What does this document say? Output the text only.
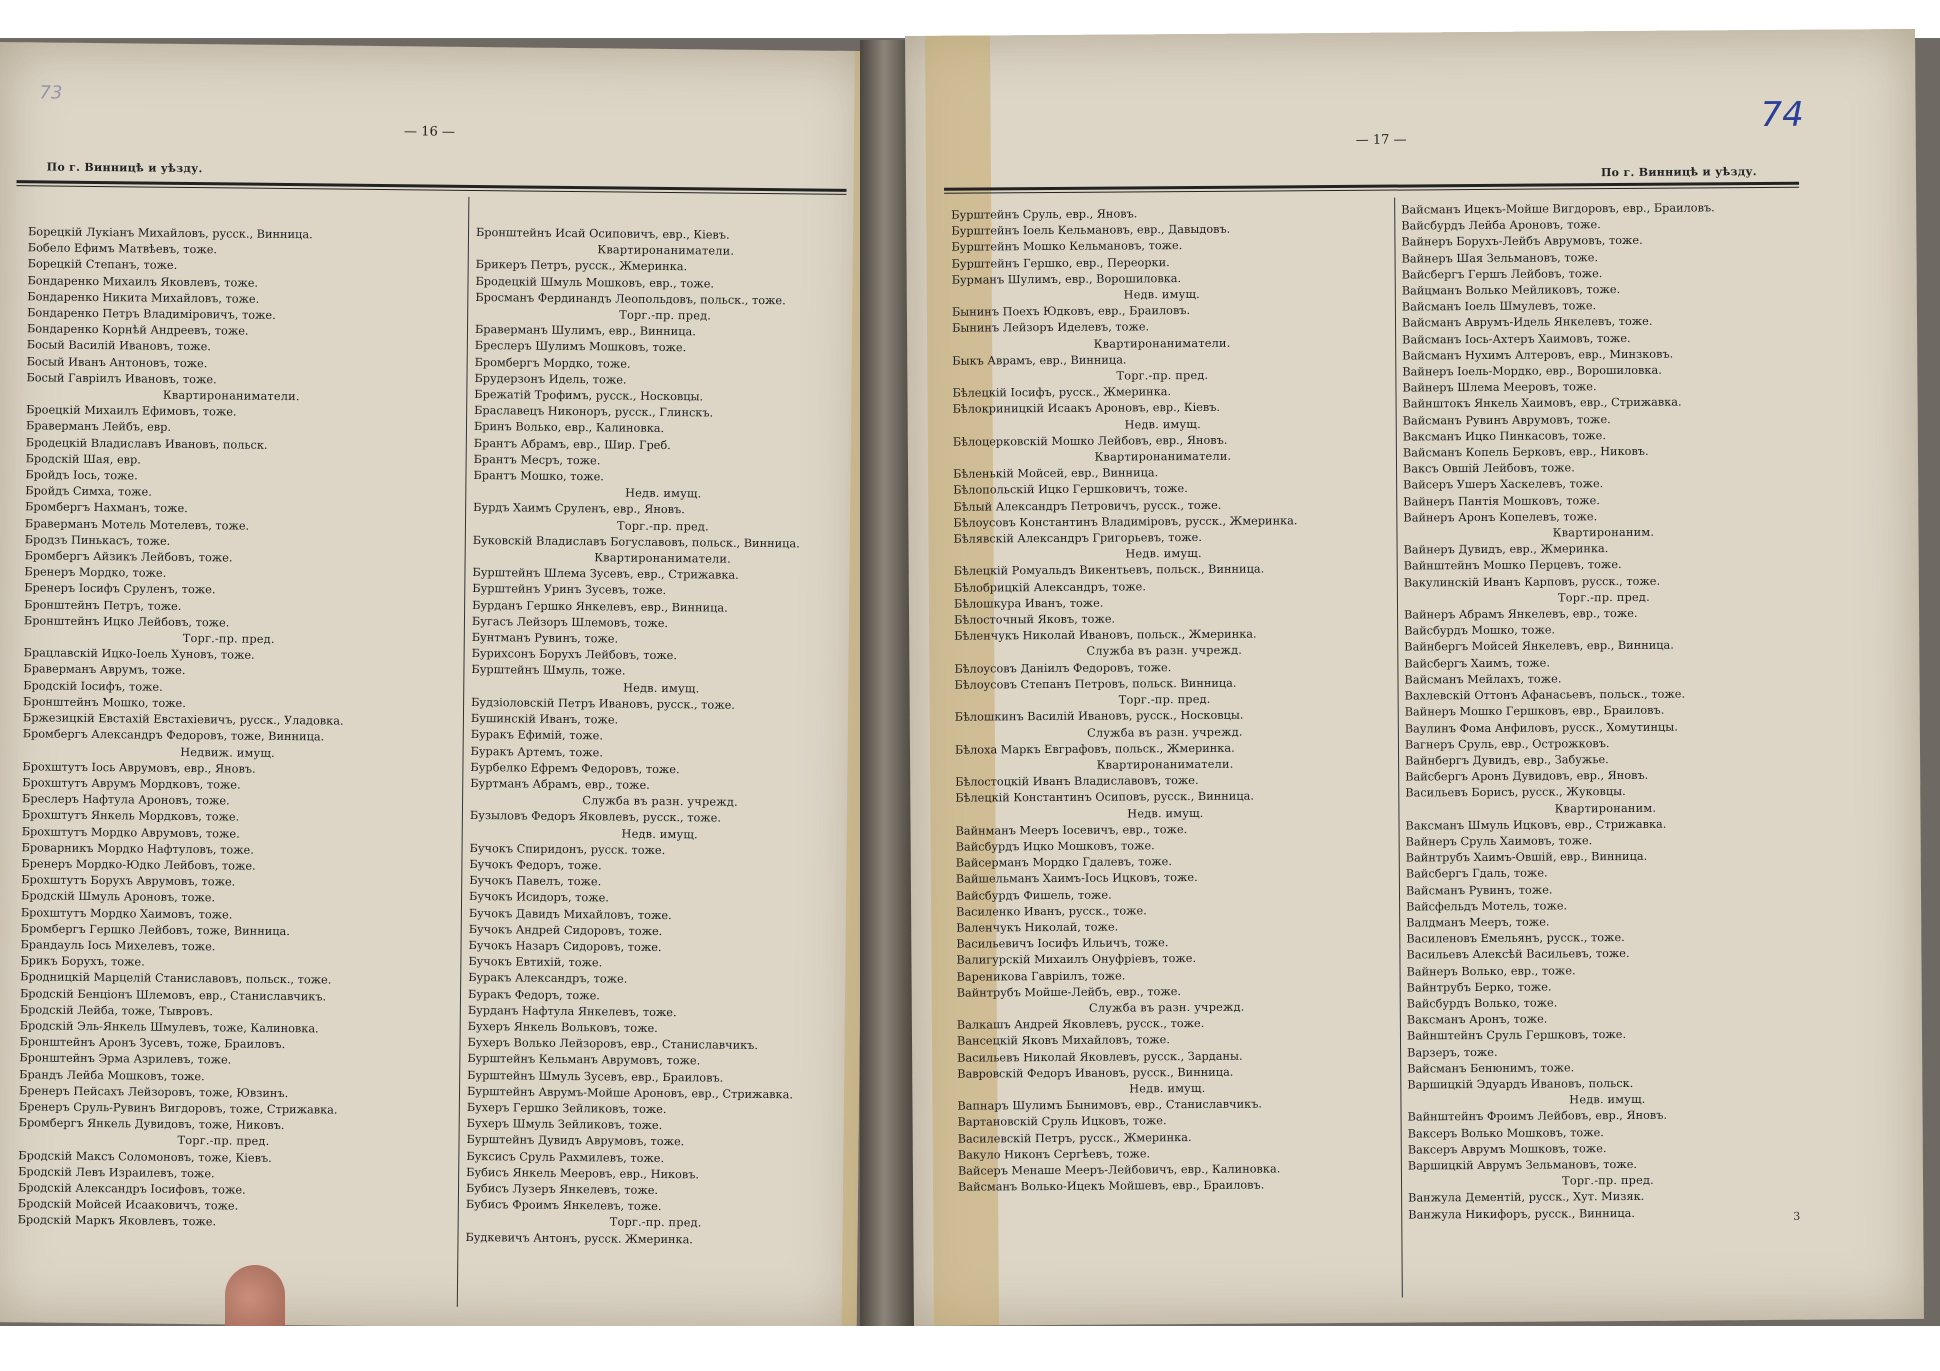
73
— 16 —
По г. Винницѣ и уѣзду.
Борецкій Лукіанъ Михайловъ, русск., Винница.
Бобело Ефимъ Матвѣевъ, тоже.
Борецкій Степанъ, тоже.
Бондаренко Михаилъ Яковлевъ, тоже.
Бондаренко Никита Михайловъ, тоже.
Бондаренко Петръ Владиміровичъ, тоже.
Бондаренко Корнѣй Андреевъ, тоже.
Босый Василій Ивановъ, тоже.
Босый Иванъ Антоновъ, тоже.
Босый Гавріилъ Ивановъ, тоже.
Квартиронаниматели.
Броецкій Михаилъ Ефимовъ, тоже.
Браверманъ Лейбъ, евр.
Бродецкій Владиславъ Ивановъ, польск.
Бродскій Шая, евр.
Бройдъ Іось, тоже.
Бройдъ Симха, тоже.
Бромбергъ Нахманъ, тоже.
Браверманъ Мотель Мотелевъ, тоже.
Бродзъ Пинькасъ, тоже.
Бромбергъ Айзикъ Лейбовъ, тоже.
Бренеръ Мордко, тоже.
Бренеръ Іосифъ Сруленъ, тоже.
Бронштейнъ Петръ, тоже.
Бронштейнъ Ицко Лейбовъ, тоже.
Торг.-пр. пред.
Брацлавскій Ицко-Іоель Хуновъ, тоже.
Браверманъ Аврумъ, тоже.
Бродскій Іосифъ, тоже.
Бронштейнъ Мошко, тоже.
Бржезицкій Евстахій Евстахіевичъ, русск., Уладовка.
Бромбергъ Александръ Федоровъ, тоже, Винница.
Недвиж. имущ.
Брохштутъ Іось Аврумовъ, евр., Яновъ.
Брохштутъ Аврумъ Мордковъ, тоже.
Бреслеръ Нафтула Ароновъ, тоже.
Брохштутъ Янкель Мордковъ, тоже.
Брохштутъ Мордко Аврумовъ, тоже.
Броварникъ Мордко Нафтуловъ, тоже.
Бренеръ Мордко-Юдко Лейбовъ, тоже.
Брохштутъ Борухъ Аврумовъ, тоже.
Бродскій Шмуль Ароновъ, тоже.
Брохштутъ Мордко Хаимовъ, тоже.
Бромбергъ Гершко Лейбовъ, тоже, Винница.
Брандауль Іось Михелевъ, тоже.
Брикъ Борухъ, тоже.
Бродницкій Марцелій Станиславовъ, польск., тоже.
Бродскій Бенціонъ Шлемовъ, евр., Станиславчикъ.
Бродскій Лейба, тоже, Тывровъ.
Бродскій Эль-Янкель Шмулевъ, тоже, Калиновка.
Бронштейнъ Аронъ Зусевъ, тоже, Браиловъ.
Бронштейнъ Эрма Азрилевъ, тоже.
Брандъ Лейба Мошковъ, тоже.
Бренеръ Пейсахъ Лейзоровъ, тоже, Ювзинъ.
Бренеръ Сруль-Рувинъ Вигдоровъ, тоже, Стрижавка.
Бромбергъ Янкель Дувидовъ, тоже, Никовъ.
Торг.-пр. пред.
Бродскій Максъ Соломоновъ, тоже, Кіевъ.
Бродскій Левъ Израилевъ, тоже.
Бродскій Александръ Іосифовъ, тоже.
Бродскій Мойсей Исааковичъ, тоже.
Бродскій Маркъ Яковлевъ, тоже.
Бронштейнъ Исай Осиповичъ, евр., Кіевъ.
Квартиронаниматели.
Брикеръ Петръ, русск., Жмеринка.
Бродецкій Шмуль Мошковъ, евр., тоже.
Бросманъ Фердинандъ Леопольдовъ, польск., тоже.
Торг.-пр. пред.
Браверманъ Шулимъ, евр., Винница.
Бреслеръ Шулимъ Мошковъ, тоже.
Бромбергъ Мордко, тоже.
Брудерзонъ Идель, тоже.
Брежатій Трофимъ, русск., Носковцы.
Браславецъ Никоноръ, русск., Глинскъ.
Бринъ Волько, евр., Калиновка.
Брантъ Абрамъ, евр., Шир. Греб.
Брантъ Месръ, тоже.
Брантъ Мошко, тоже.
Недв. имущ.
Бурдъ Хаимъ Сруленъ, евр., Яновъ.
Торг.-пр. пред.
Буковскій Владиславъ Богуславовъ, польск., Винница.
Квартиронаниматели.
Бурштейнъ Шлема Зусевъ, евр., Стрижавка.
Бурштейнъ Уринъ Зусевъ, тоже.
Бурданъ Гершко Янкелевъ, евр., Винница.
Бугасъ Лейзоръ Шлемовъ, тоже.
Бунтманъ Рувинъ, тоже.
Бурихсонъ Борухъ Лейбовъ, тоже.
Бурштейнъ Шмуль, тоже.
Недв. имущ.
Будзіоловскій Петръ Ивановъ, русск., тоже.
Бушинскій Иванъ, тоже.
Буракъ Ефимій, тоже.
Буракъ Артемъ, тоже.
Бурбелко Ефремъ Федоровъ, тоже.
Буртманъ Абрамъ, евр., тоже.
Служба въ разн. учрежд.
Бузыловъ Федоръ Яковлевъ, русск., тоже.
Недв. имущ.
Бучокъ Спиридонъ, русск. тоже.
Бучокъ Федоръ, тоже.
Бучокъ Павелъ, тоже.
Бучокъ Исидоръ, тоже.
Бучокъ Давидъ Михайловъ, тоже.
Бучокъ Андрей Сидоровъ, тоже.
Бучокъ Назаръ Сидоровъ, тоже.
Бучокъ Евтихій, тоже.
Буракъ Александръ, тоже.
Буракъ Федоръ, тоже.
Бурданъ Нафтула Янкелевъ, тоже.
Бухеръ Янкель Вольковъ, тоже.
Бухеръ Волько Лейзоровъ, евр., Станиславчикъ.
Бурштейнъ Кельманъ Аврумовъ, тоже.
Бурштейнъ Шмуль Зусевъ, евр., Браиловъ.
Бурштейнъ Аврумъ-Мойше Ароновъ, евр., Стрижавка.
Бухеръ Гершко Зейликовъ, тоже.
Бухеръ Шмуль Зейликовъ, тоже.
Бурштейнъ Дувидъ Аврумовъ, тоже.
Буксисъ Сруль Рахмилевъ, тоже.
Бубисъ Янкель Мееровъ, евр., Никовъ.
Бубисъ Лузеръ Янкелевъ, тоже.
Бубисъ Фроимъ Янкелевъ, тоже.
Торг.-пр. пред.
Будкевичъ Антонъ, русск. Жмеринка.
74
— 17 —
По г. Винницѣ и уѣзду.
Бурштейнъ Сруль, евр., Яновъ.
Бурштейнъ Іоель Кельмановъ, евр., Давыдовъ.
Бурштейнъ Мошко Кельмановъ, тоже.
Бурштейнъ Гершко, евр., Переорки.
Бурманъ Шулимъ, евр., Ворошиловка.
Недв. имущ.
Бынинъ Поехъ Юдковъ, евр., Браиловъ.
Бынинъ Лейзоръ Иделевъ, тоже.
Квартиронаниматели.
Быкъ Аврамъ, евр., Винница.
Торг.-пр. пред.
Бѣлецкій Іосифъ, русск., Жмеринка.
Бѣлокриницкій Исаакъ Ароновъ, евр., Кіевъ.
Недв. имущ.
Бѣлоцерковскій Мошко Лейбовъ, евр., Яновъ.
Квартиронаниматели.
Бѣленькій Мойсей, евр., Винница.
Бѣлопольскій Ицко Гершковичъ, тоже.
Бѣлый Александръ Петровичъ, русск., тоже.
Бѣлоусовъ Константинъ Владиміровъ, русск., Жмеринка.
Бѣлявскій Александръ Григорьевъ, тоже.
Недв. имущ.
Бѣлецкій Ромуальдъ Викентьевъ, польск., Винница.
Бѣлобрицкій Александръ, тоже.
Бѣлошкура Иванъ, тоже.
Бѣлосточный Яковъ, тоже.
Бѣленчукъ Николай Ивановъ, польск., Жмеринка.
Служба въ разн. учрежд.
Бѣлоусовъ Даніилъ Федоровъ, тоже.
Бѣлоусовъ Степанъ Петровъ, польск. Винница.
Торг.-пр. пред.
Бѣлошкинъ Василій Ивановъ, русск., Носковцы.
Служба въ разн. учрежд.
Бѣлоха Маркъ Евграфовъ, польск., Жмеринка.
Квартиронаниматели.
Бѣлостоцкій Иванъ Владиславовъ, тоже.
Бѣлецкій Константинъ Осиповъ, русск., Винница.
Недв. имущ.
Вайнманъ Мееръ Іосевичъ, евр., тоже.
Вайсбурдъ Ицко Мошковъ, тоже.
Вайсерманъ Мордко Гдалевъ, тоже.
Вайшельманъ Хаимъ-Іось Ицковъ, тоже.
Вайсбурдъ Фишель, тоже.
Василенко Иванъ, русск., тоже.
Валенчукъ Николай, тоже.
Васильевичъ Іосифъ Ильичъ, тоже.
Валигурскій Михаилъ Онуфріевъ, тоже.
Вареникова Гавріилъ, тоже.
Вайнтрубъ Мойше-Лейбъ, евр., тоже.
Служба въ разн. учрежд.
Валкашъ Андрей Яковлевъ, русск., тоже.
Вансецкій Яковъ Михайловъ, тоже.
Васильевъ Николай Яковлевъ, русск., Зарданы.
Вавровскій Федоръ Ивановъ, русск., Винница.
Недв. имущ.
Вапнаръ Шулимъ Бынимовъ, евр., Станиславчикъ.
Вартановскій Сруль Ицковъ, тоже.
Василевскій Петръ, русск., Жмеринка.
Вакуло Никонъ Сергѣевъ, тоже.
Вайсеръ Менаше Мееръ-Лейбовичъ, евр., Калиновка.
Вайсманъ Волько-Ицекъ Мойшевъ, евр., Браиловъ.
Вайсманъ Ицекъ-Мойше Вигдоровъ, евр., Браиловъ.
Вайсбурдъ Лейба Ароновъ, тоже.
Вайнеръ Борухъ-Лейбъ Аврумовъ, тоже.
Вайнеръ Шая Зельмановъ, тоже.
Вайсбергъ Гершъ Лейбовъ, тоже.
Вайцманъ Волько Мейликовъ, тоже.
Вайсманъ Іоель Шмулевъ, тоже.
Вайсманъ Аврумъ-Идель Янкелевъ, тоже.
Вайсманъ Іось-Ахтеръ Хаимовъ, тоже.
Вайсманъ Нухимъ Алтеровъ, евр., Минзковъ.
Вайнеръ Іоель-Мордко, евр., Ворошиловка.
Вайнеръ Шлема Мееровъ, тоже.
Вайнштокъ Янкель Хаимовъ, евр., Стрижавка.
Вайсманъ Рувинъ Аврумовъ, тоже.
Ваксманъ Ицко Пинкасовъ, тоже.
Вайсманъ Копель Берковъ, евр., Никовъ.
Ваксъ Овшій Лейбовъ, тоже.
Вайсеръ Ушеръ Хаскелевъ, тоже.
Вайнеръ Пантія Мошковъ, тоже.
Вайнеръ Аронъ Копелевъ, тоже.
Квартиронаним.
Вайнеръ Дувидъ, евр., Жмеринка.
Вайнштейнъ Мошко Перцевъ, тоже.
Вакулинскій Иванъ Карповъ, русск., тоже.
Торг.-пр. пред.
Вайнеръ Абрамъ Янкелевъ, евр., тоже.
Вайсбурдъ Мошко, тоже.
Вайнбергъ Мойсей Янкелевъ, евр., Винница.
Вайсбергъ Хаимъ, тоже.
Вайсманъ Мейлахъ, тоже.
Вахлевскій Оттонъ Афанасьевъ, польск., тоже.
Вайнеръ Мошко Гершковъ, евр., Браиловъ.
Ваулинъ Фома Анфиловъ, русск., Хомутинцы.
Вагнеръ Сруль, евр., Острожковъ.
Вайнбергъ Дувидъ, евр., Забужье.
Вайсбергъ Аронъ Дувидовъ, евр., Яновъ.
Васильевъ Борисъ, русск., Жуковцы.
Квартиронаним.
Ваксманъ Шмуль Ицковъ, евр., Стрижавка.
Вайнеръ Сруль Хаимовъ, тоже.
Вайнтрубъ Хаимъ-Овшій, евр., Винница.
Вайсбергъ Гдаль, тоже.
Вайсманъ Рувинъ, тоже.
Вайсфельдъ Мотель, тоже.
Валдманъ Мееръ, тоже.
Василеновъ Емельянъ, русск., тоже.
Васильевъ Алексѣй Васильевъ, тоже.
Вайнеръ Волько, евр., тоже.
Вайнтрубъ Берко, тоже.
Вайсбурдъ Волько, тоже.
Ваксманъ Аронъ, тоже.
Вайнштейнъ Сруль Гершковъ, тоже.
Варзеръ, тоже.
Вайсманъ Бенюнимъ, тоже.
Варшицкій Эдуардъ Ивановъ, польск.
Недв. имущ.
Вайнштейнъ Фроимъ Лейбовъ, евр., Яновъ.
Ваксеръ Волько Мошковъ, тоже.
Ваксеръ Аврумъ Мошковъ, тоже.
Варшицкій Аврумъ Зельмановъ, тоже.
Торг.-пр. пред.
Ванжула Дементій, русск., Хут. Мизяк.
Ванжула Никифоръ, русск., Винница.	3
